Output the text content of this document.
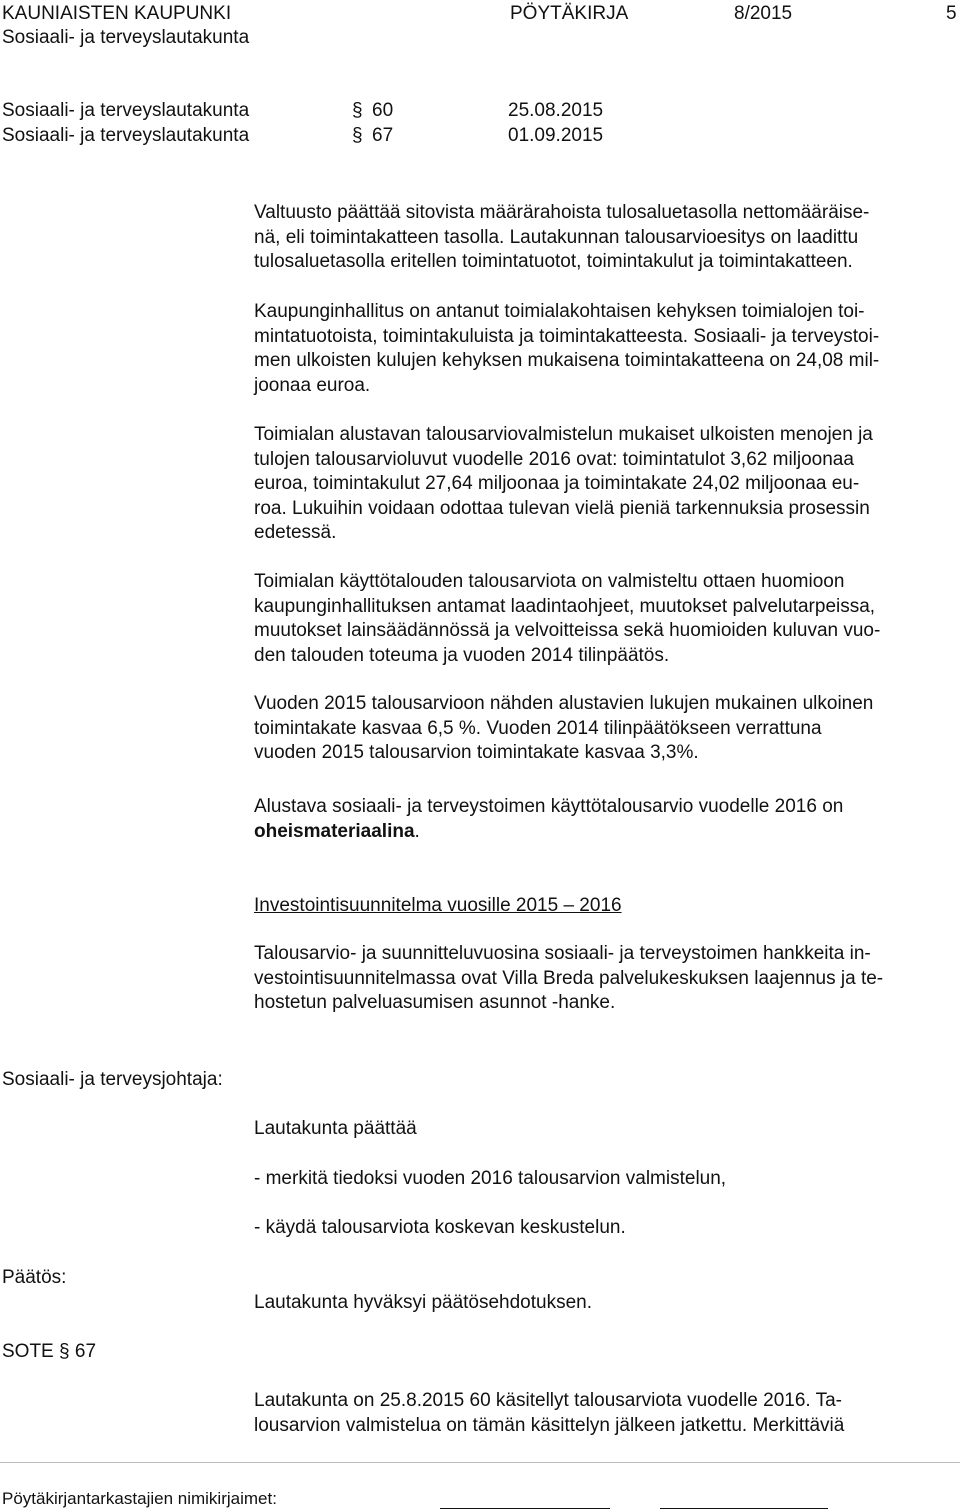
KAUNIAISTEN KAUPUNKI	PÖYTÄKIRJA	8/2015	5
Sosiaali- ja terveyslautakunta
Sosiaali- ja terveyslautakunta	§ 60	25.08.2015
Sosiaali- ja terveyslautakunta	§ 67	01.09.2015
Valtuusto päättää sitovista määrärahoista tulosaluetasolla nettomääräise-
nä, eli toimintakatteen tasolla. Lautakunnan talousarvioesitys on laadittu
tulosaluetasolla eritellen toimintatuotot, toimintakulut ja toimintakatteen.
Kaupunginhallitus on antanut toimialakohtaisen kehyksen toimialojen toi-
mintatuotoista, toimintakuluista ja toimintakatteesta. Sosiaali- ja terveystoi-
men ulkoisten kulujen kehyksen mukaisena toimintakatteena on 24,08 mil-
joonaa euroa.
Toimialan alustavan talousarviovalmistelun mukaiset ulkoisten menojen ja
tulojen talousarvioluvut vuodelle 2016 ovat: toimintatulot 3,62 miljoonaa
euroa, toimintakulut 27,64 miljoonaa ja toimintakate 24,02 miljoonaa eu-
roa. Lukuihin voidaan odottaa tulevan vielä pieniä tarkennuksia prosessin
edetessä.
Toimialan käyttötalouden talousarviota on valmisteltu ottaen huomioon
kaupunginhallituksen antamat laadintaohjeet, muutokset palvelutarpeissa,
muutokset lainsäädännössä ja velvoitteissa sekä huomioiden kuluvan vuo-
den talouden toteuma ja vuoden 2014 tilinpäätös.
Vuoden 2015 talousarvioon nähden alustavien lukujen mukainen ulkoinen
toimintakate kasvaa 6,5 %. Vuoden 2014 tilinpäätökseen verrattuna
vuoden 2015 talousarvion toimintakate kasvaa 3,3%.
Alustava sosiaali- ja terveystoimen käyttötalousarvio vuodelle 2016 on
oheismateriaalina.
Investointisuunnitelma vuosille 2015 – 2016
Talousarvio- ja suunnitteluvuosina sosiaali- ja terveystoimen hankkeita in-
vestointisuunnitelmassa ovat Villa Breda palvelukeskuksen laajennus ja te-
hostetun palveluasumisen asunnot -hanke.
Sosiaali- ja terveysjohtaja:
Lautakunta päättää
- merkitä tiedoksi vuoden 2016 talousarvion valmistelun,
- käydä talousarviota koskevan keskustelun.
Päätös:
Lautakunta hyväksyi päätösehdotuksen.
SOTE § 67
Lautakunta on 25.8.2015 60 käsitellyt talousarviota vuodelle 2016. Ta-
lousarvion valmistelua on tämän käsittelyn jälkeen jatkettu. Merkittäviä
Pöytäkirjantarkastajien nimikirjaimet:
